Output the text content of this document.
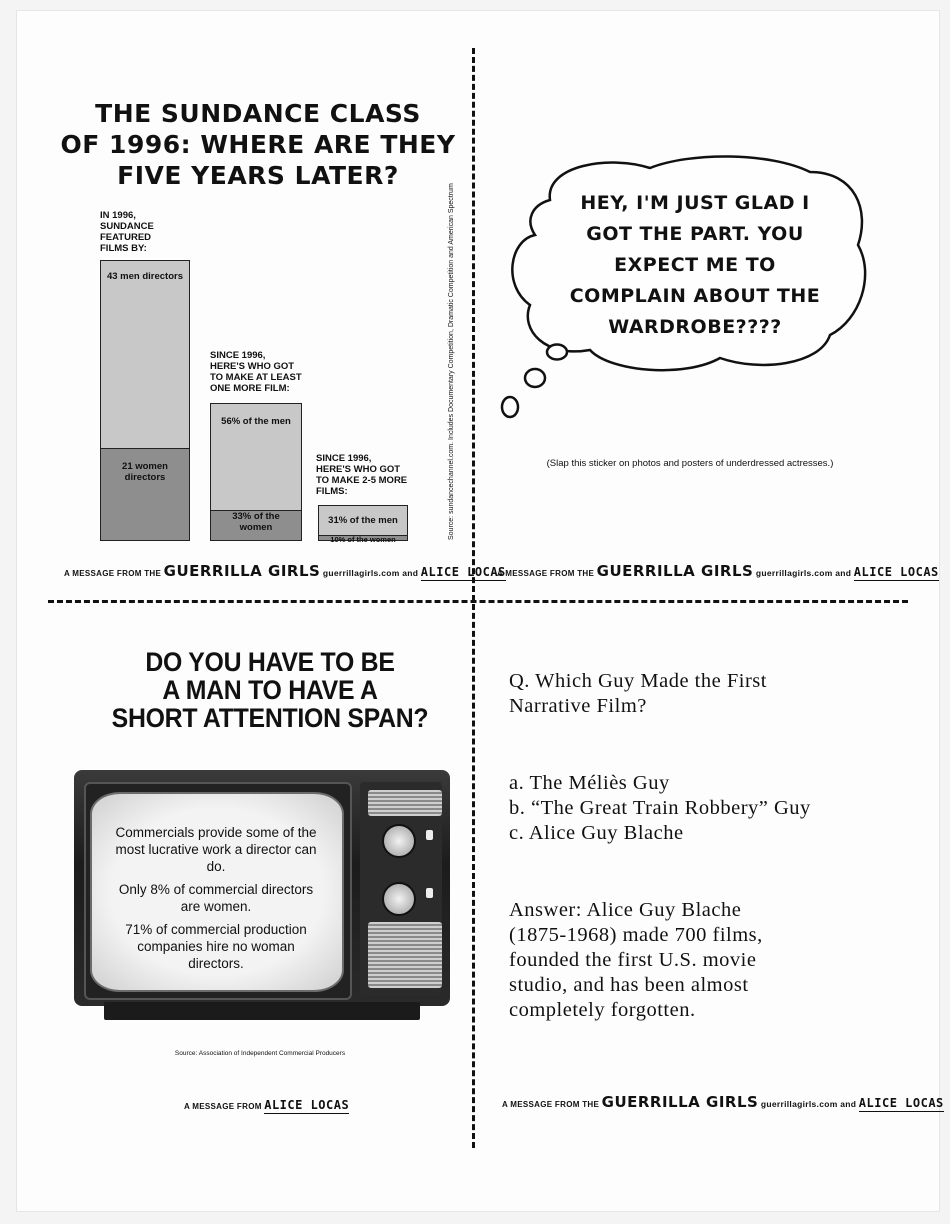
THE SUNDANCE CLASS
OF 1996: WHERE ARE THEY
FIVE YEARS LATER?
IN 1996,
SUNDANCE
FEATURED
FILMS BY:
SINCE 1996,
HERE'S WHO GOT
TO MAKE AT LEAST
ONE MORE FILM:
SINCE 1996,
HERE'S WHO GOT
TO MAKE 2-5 MORE
FILMS:
43 men directors
21 women directors
56% of the men
33% of the women
31% of the men
10% of the women	Source: sundancechannel.com. Includes Documentary Competition, Dramatic Competition and American Spectrum
A MESSAGE FROM THE GUERRILLA GIRLS guerrillagirls.com and ALICE LOCAS
HEY, I'M JUST GLAD I
GOT THE PART. YOU
EXPECT ME TO
COMPLAIN ABOUT THE
WARDROBE????
(Slap this sticker on photos and posters of underdressed actresses.)
A MESSAGE FROM THE GUERRILLA GIRLS guerrillagirls.com and ALICE LOCAS
DO YOU HAVE TO BE
A MAN TO HAVE A
SHORT ATTENTION SPAN?
Commercials provide some of the most lucrative work a director can do.
Only 8% of commercial directors are women.
71% of commercial production companies hire no woman directors.
Source: Association of Independent Commercial Producers
A MESSAGE FROM ALICE LOCAS
Q. Which Guy Made the First
Narrative Film?
a. The Méliès Guy
b. “The Great Train Robbery” Guy
c. Alice Guy Blache
Answer: Alice Guy Blache
(1875-1968) made 700 films,
founded the first U.S. movie
studio, and has been almost
completely forgotten.
A MESSAGE FROM THE GUERRILLA GIRLS guerrillagirls.com and ALICE LOCAS
